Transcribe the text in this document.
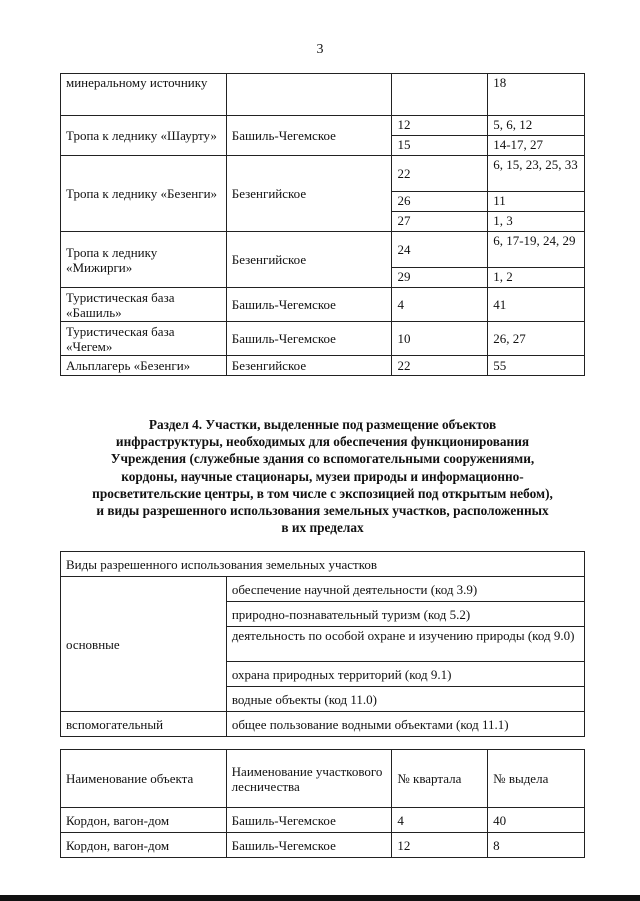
3
минеральному источнику			18
Тропа к леднику «Шаурту»	Башиль-Чегемское	12	5, 6, 12
		15	14-17, 27
Тропа к леднику «Безенги»	Безенгийское	22	6, 15, 23, 25, 33
		26	11
		27	1, 3
Тропа к леднику «Мижирги»	Безенгийское	24	6, 17-19, 24, 29
		29	1, 2
Туристическая база «Башиль»	Башиль-Чегемское	4	41
Туристическая база «Чегем»	Башиль-Чегемское	10	26, 27
Альплагерь «Безенги»	Безенгийское	22	55
Раздел 4. Участки, выделенные под размещение объектов
инфраструктуры, необходимых для обеспечения функционирования
Учреждения (служебные здания со вспомогательными сооружениями,
кордоны, научные стационары, музеи природы и информационно-
просветительские центры, в том числе с экспозицией под открытым небом),
и виды разрешенного использования земельных участков, расположенных
в их пределах
Виды разрешенного использования земельных участков	
основные	обеспечение научной деятельности (код 3.9)
	природно-познавательный туризм (код 5.2)
	деятельность по особой охране и изучению природы (код 9.0)
	охрана природных территорий (код 9.1)
	водные объекты (код 11.0)
вспомогательный	общее пользование водными объектами (код 11.1)
Наименование объекта	Наименование участкового лесничества	№ квартала	№ выдела
Кордон, вагон-дом	Башиль-Чегемское	4	40
Кордон, вагон-дом	Башиль-Чегемское	12	8
